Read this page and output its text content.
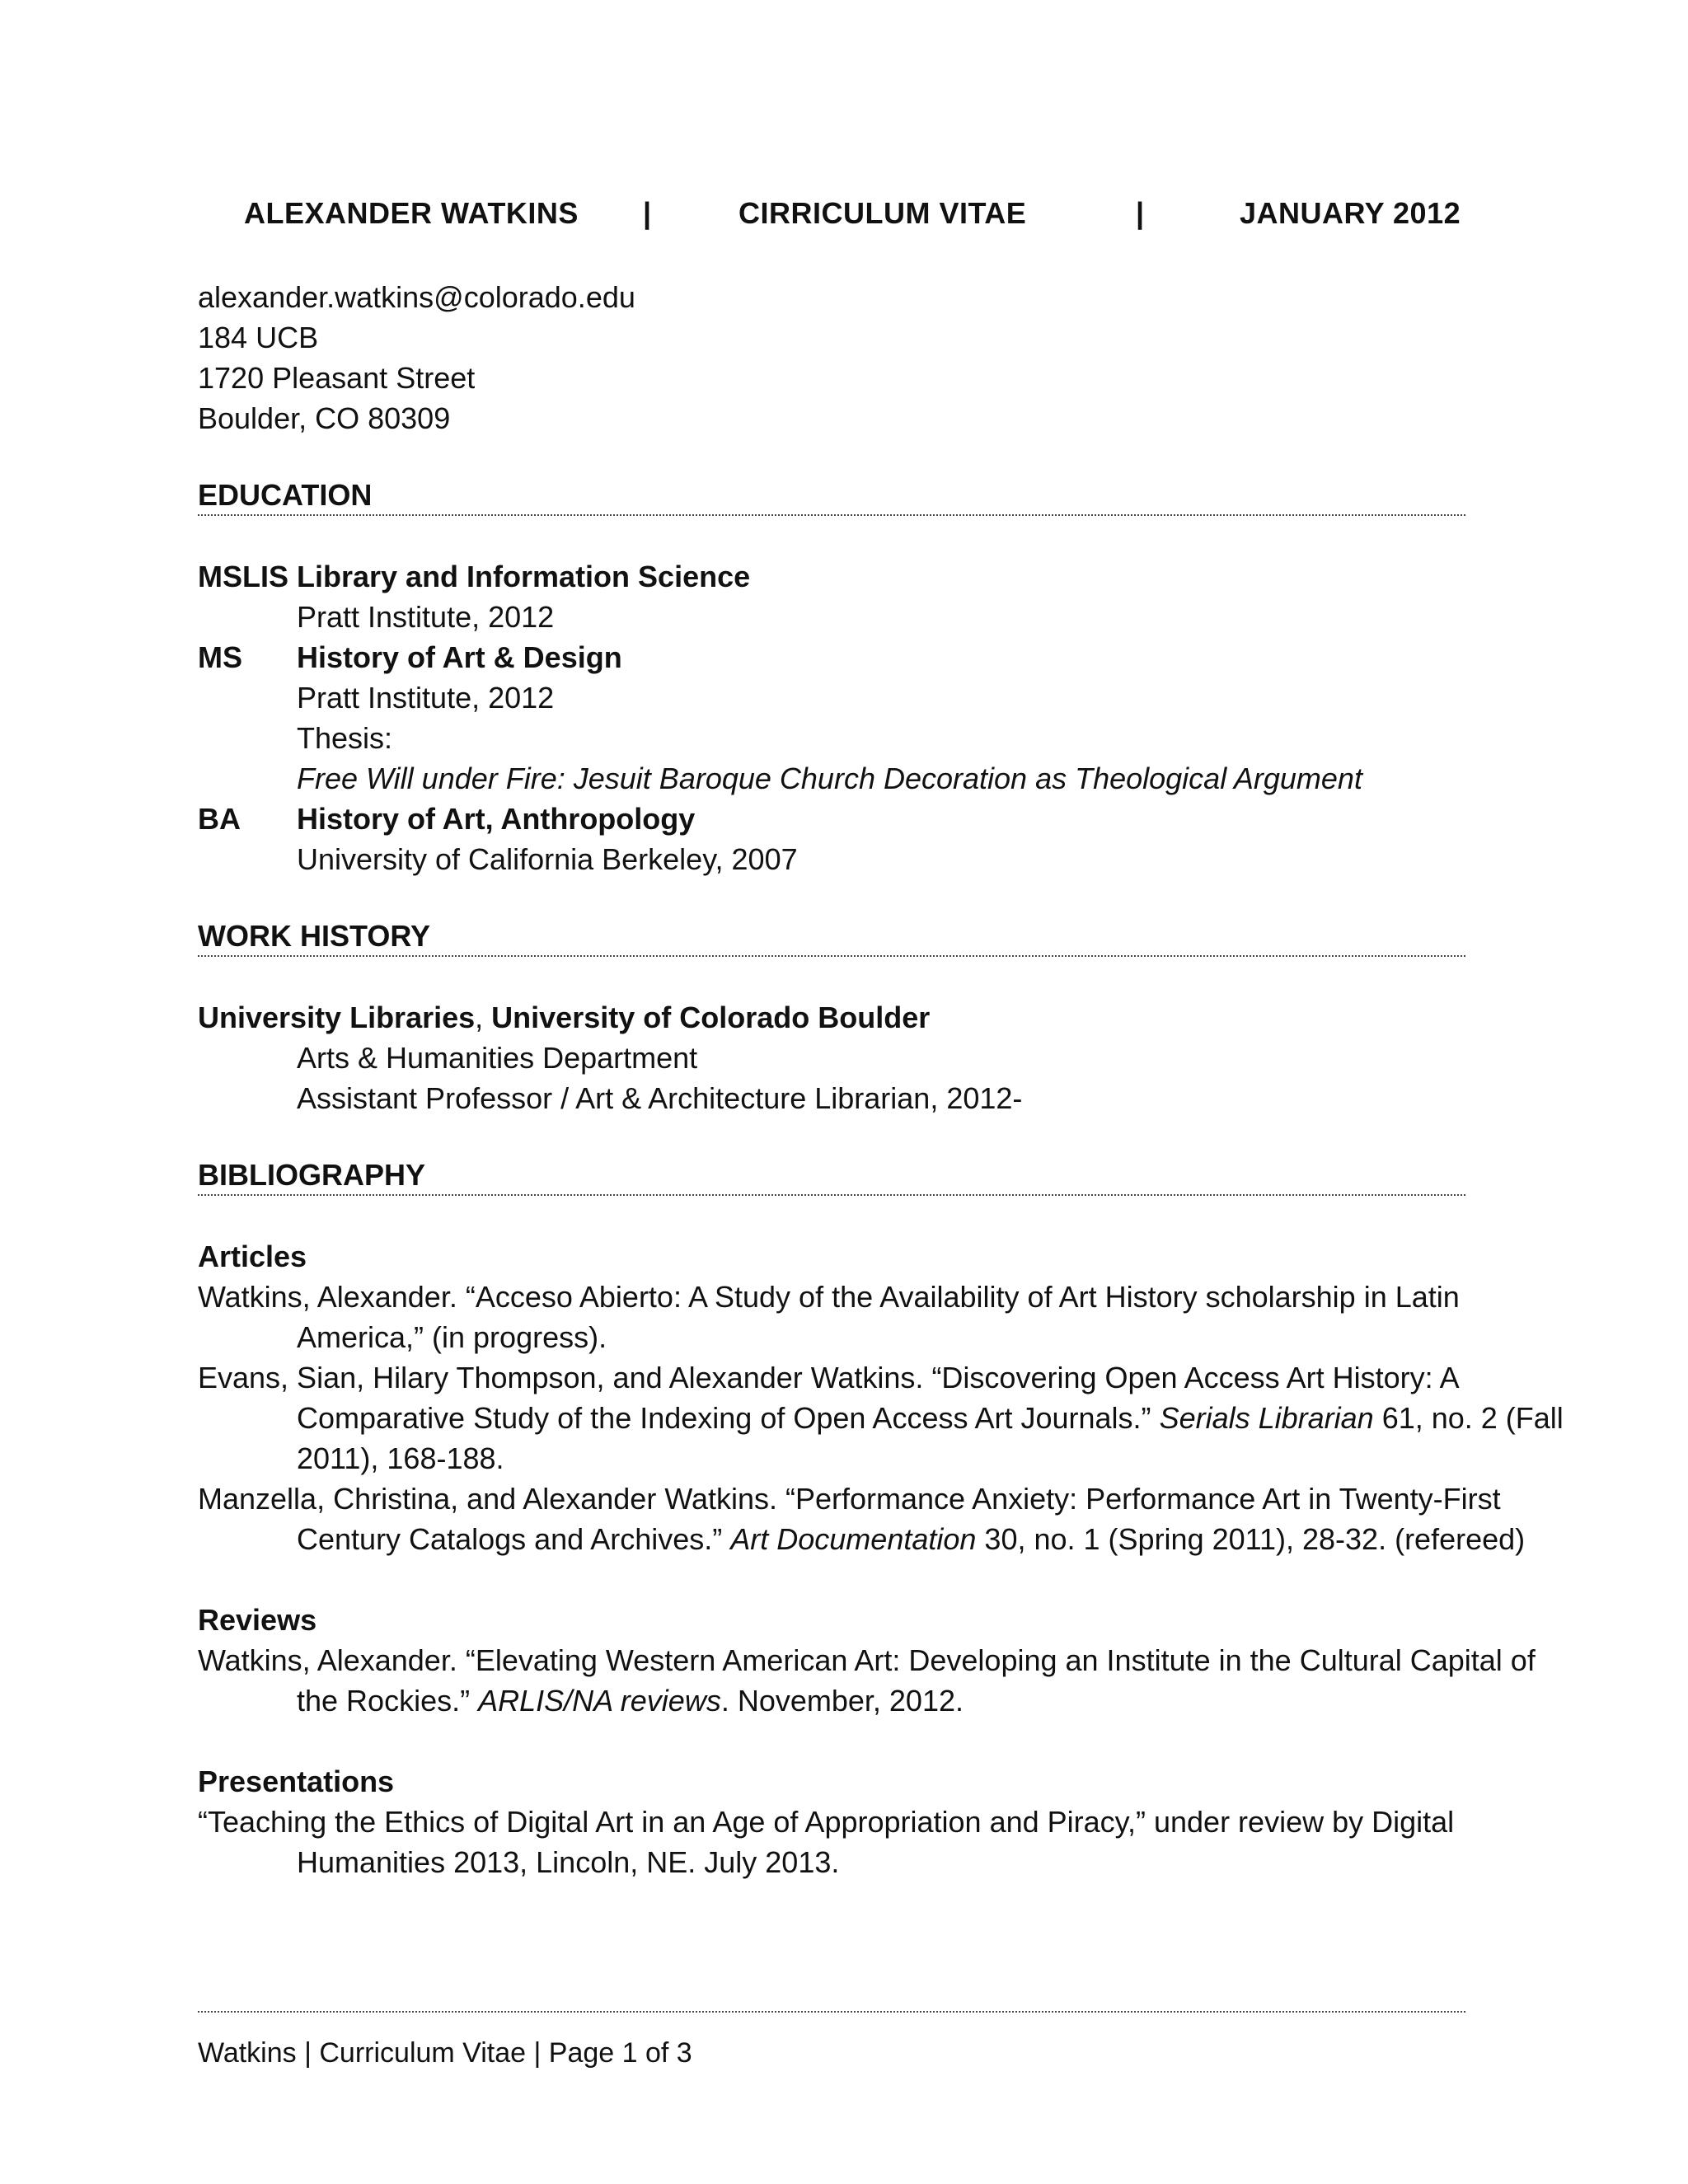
ALEXANDER WATKINS |	CIRRICULUM VITAE	|	JANUARY 2012
alexander.watkins@colorado.edu
184 UCB
1720 Pleasant Street
Boulder, CO 80309
EDUCATION
MSLIS Library and Information Science
Pratt Institute, 2012
MS	History of Art & Design
Pratt Institute, 2012
Thesis:
Free Will under Fire: Jesuit Baroque Church Decoration as Theological Argument
BA	History of Art, Anthropology
University of California Berkeley, 2007
WORK HISTORY
University Libraries, University of Colorado Boulder
Arts & Humanities Department
Assistant Professor / Art & Architecture Librarian, 2012-
BIBLIOGRAPHY
Articles
Watkins, Alexander. “Acceso Abierto: A Study of the Availability of Art History scholarship in Latin America,” (in progress).
Evans, Sian, Hilary Thompson, and Alexander Watkins. “Discovering Open Access Art History: A Comparative Study of the Indexing of Open Access Art Journals.” Serials Librarian 61, no. 2 (Fall 2011), 168-188.
Manzella, Christina, and Alexander Watkins. “Performance Anxiety: Performance Art in Twenty-First Century Catalogs and Archives.” Art Documentation 30, no. 1 (Spring 2011), 28-32. (refereed)
Reviews
Watkins, Alexander. “Elevating Western American Art: Developing an Institute in the Cultural Capital of the Rockies.” ARLIS/NA reviews. November, 2012.
Presentations
“Teaching the Ethics of Digital Art in an Age of Appropriation and Piracy,” under review by Digital Humanities 2013, Lincoln, NE. July 2013.
Watkins | Curriculum Vitae | Page 1 of 3
